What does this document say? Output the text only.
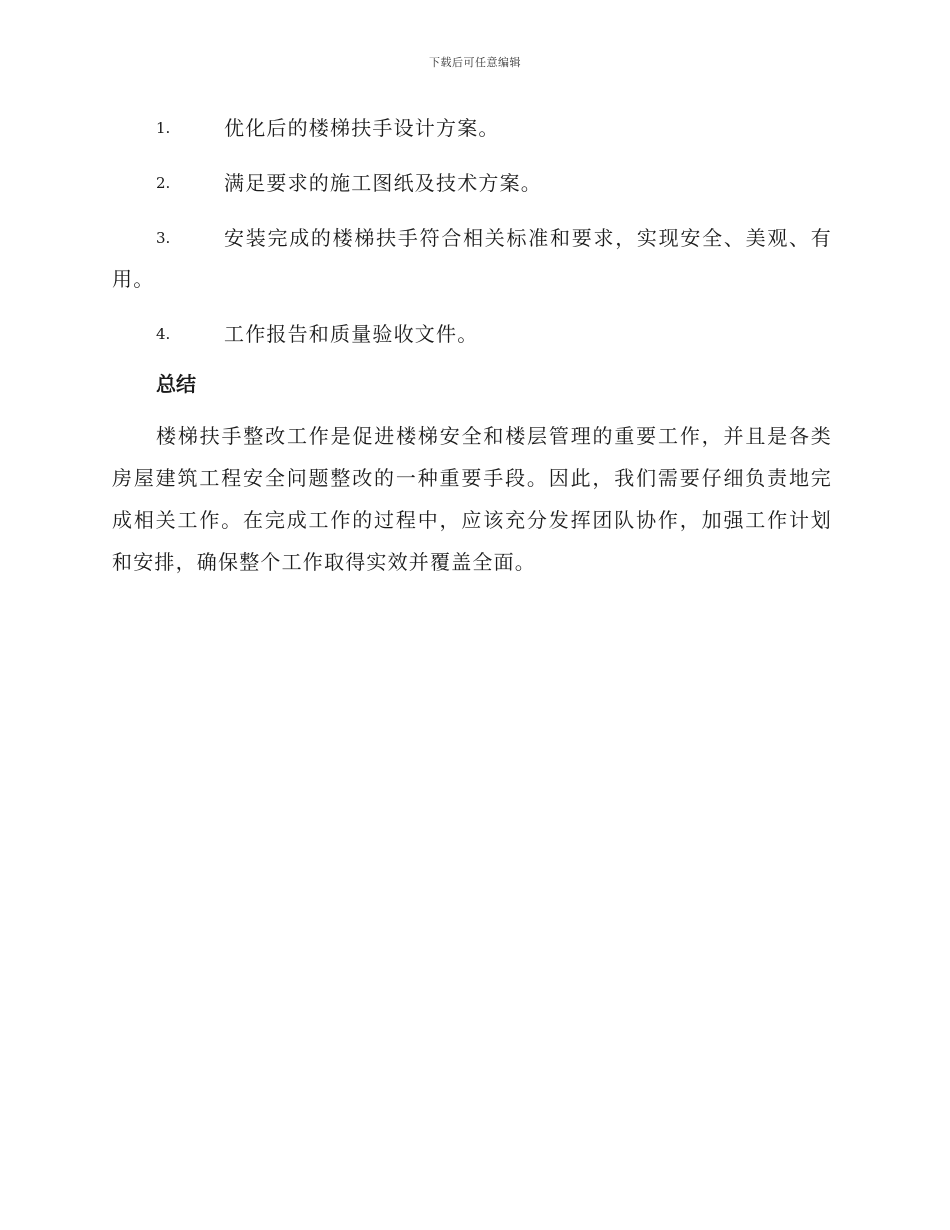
下载后可任意编辑
1.	优化后的楼梯扶手设计方案。
2.	满足要求的施工图纸及技术方案。
3.	安装完成的楼梯扶手符合相关标准和要求，实现安全、美观、有用。
4.	工作报告和质量验收文件。
总结

楼梯扶手整改工作是促进楼梯安全和楼层管理的重要工作，并且是各类房屋建筑工程安全问题整改的一种重要手段。因此，我们需要仔细负责地完成相关工作。在完成工作的过程中，应该充分发挥团队协作，加强工作计划和安排，确保整个工作取得实效并覆盖全面。
